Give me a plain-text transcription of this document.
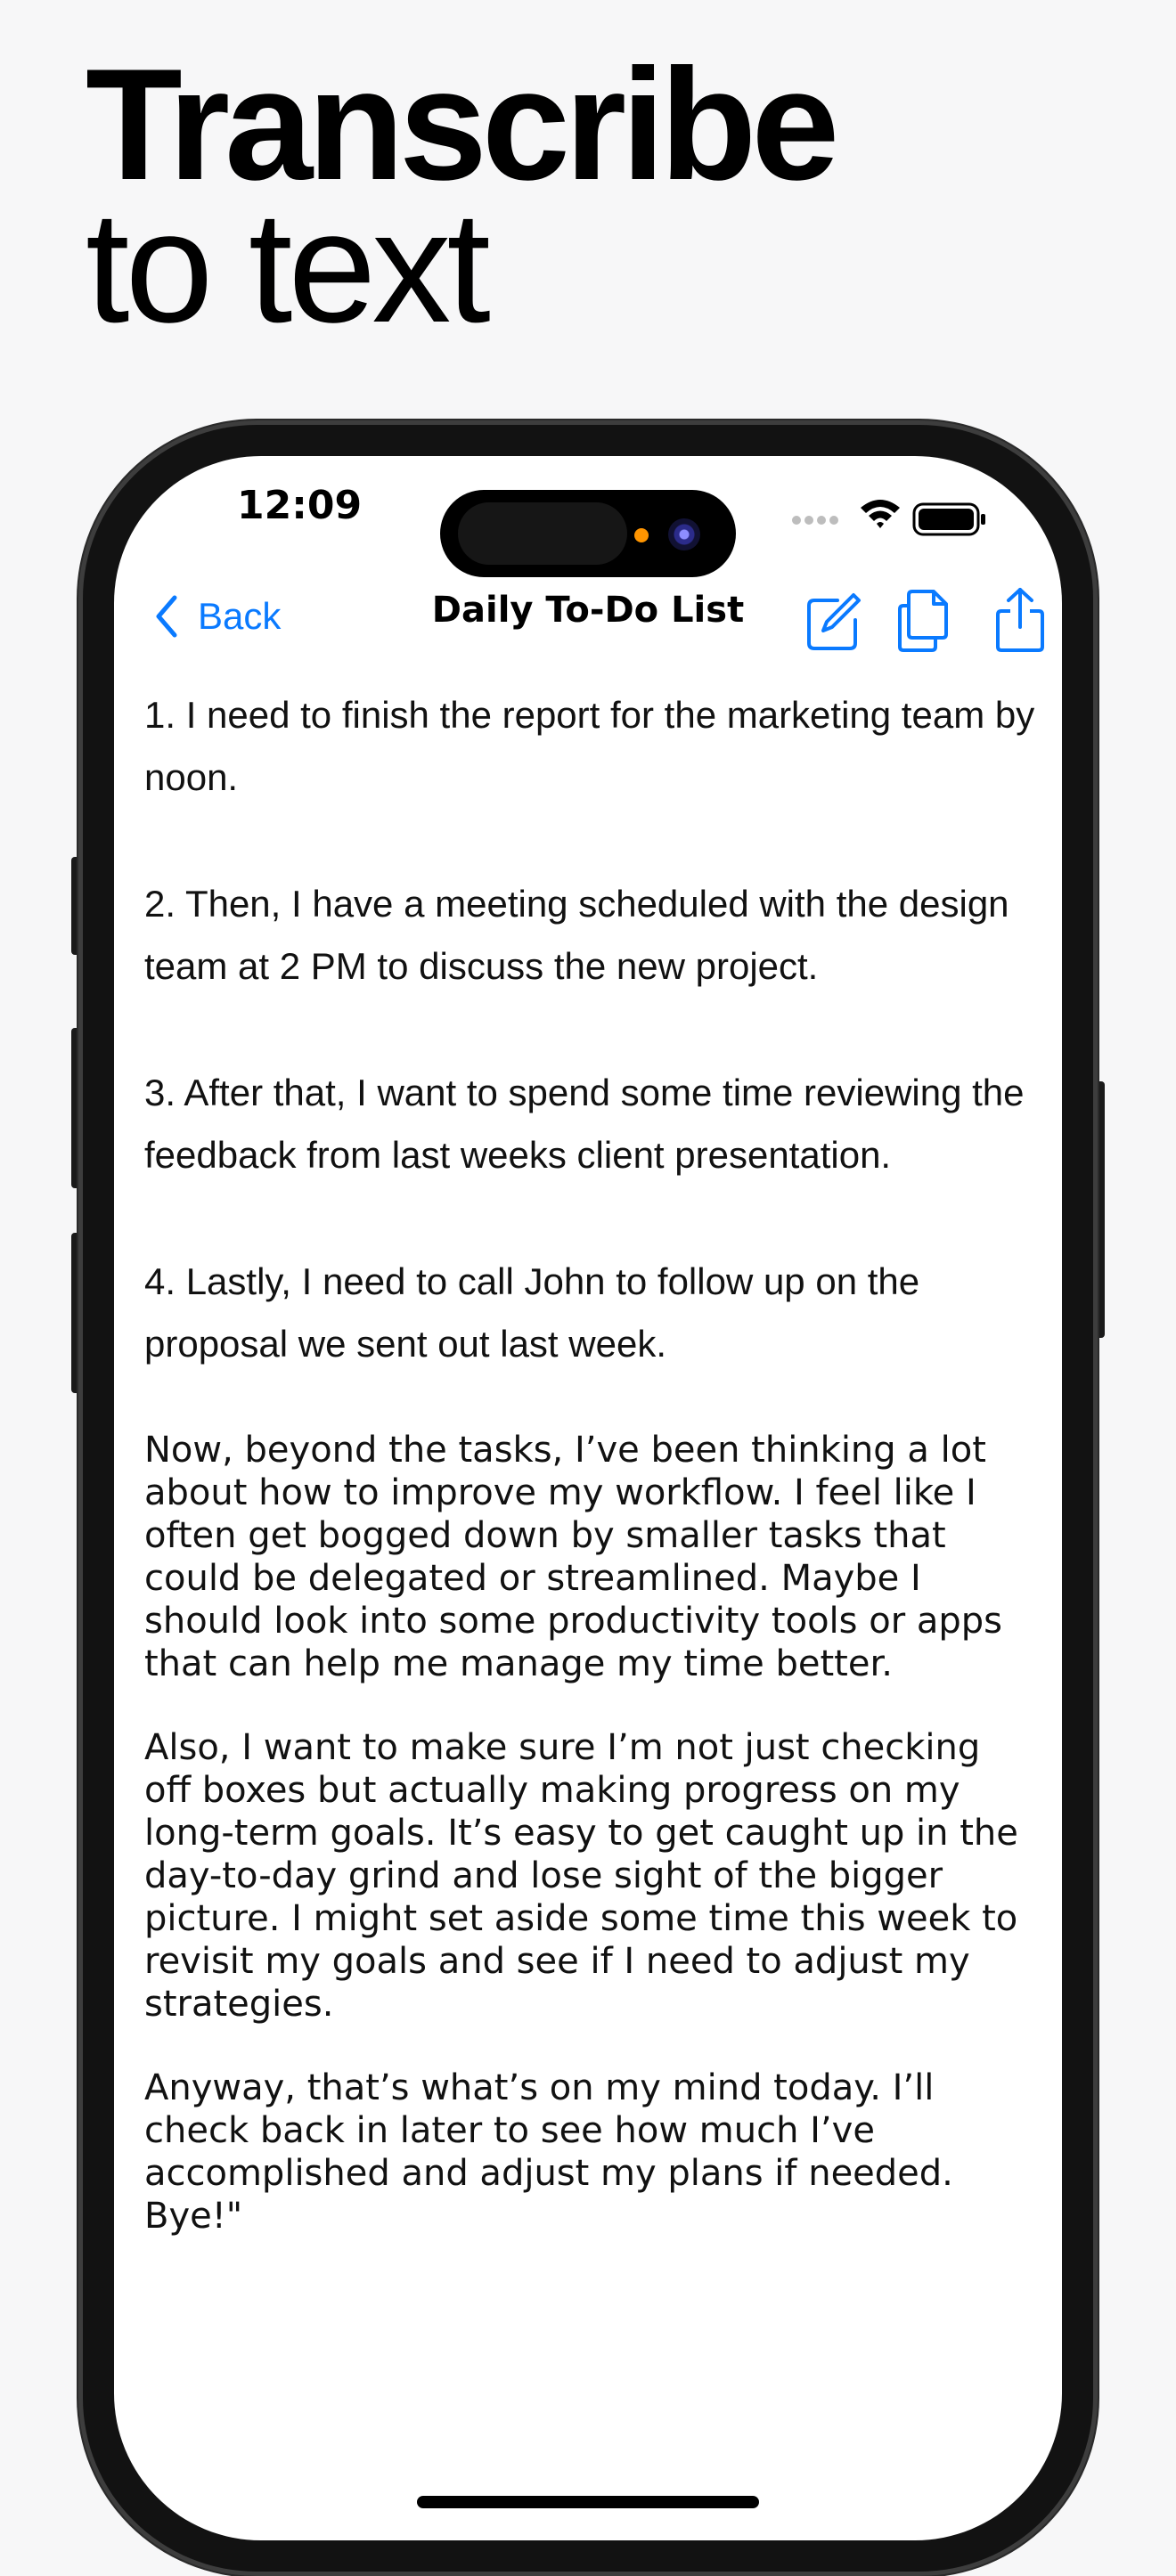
Transcribe
to text
12:09
Back	Daily To-Do List

1. I need to finish the report for the marketing team by noon.

2. Then, I have a meeting scheduled with the design team at 2 PM to discuss the new project.

3. After that, I want to spend some time reviewing the feedback from last weeks client presentation.

4. Lastly, I need to call John to follow up on the proposal we sent out last week.

Now, beyond the tasks, I’ve been thinking a lot about how to improve my workflow. I feel like I often get bogged down by smaller tasks that could be delegated or streamlined. Maybe I should look into some productivity tools or apps that can help me manage my time better.

Also, I want to make sure I’m not just checking off boxes but actually making progress on my long-term goals. It’s easy to get caught up in the day-to-day grind and lose sight of the bigger picture. I might set aside some time this week to revisit my goals and see if I need to adjust my strategies.

Anyway, that’s what’s on my mind today. I’ll check back in later to see how much I’ve accomplished and adjust my plans if needed. Bye!"
